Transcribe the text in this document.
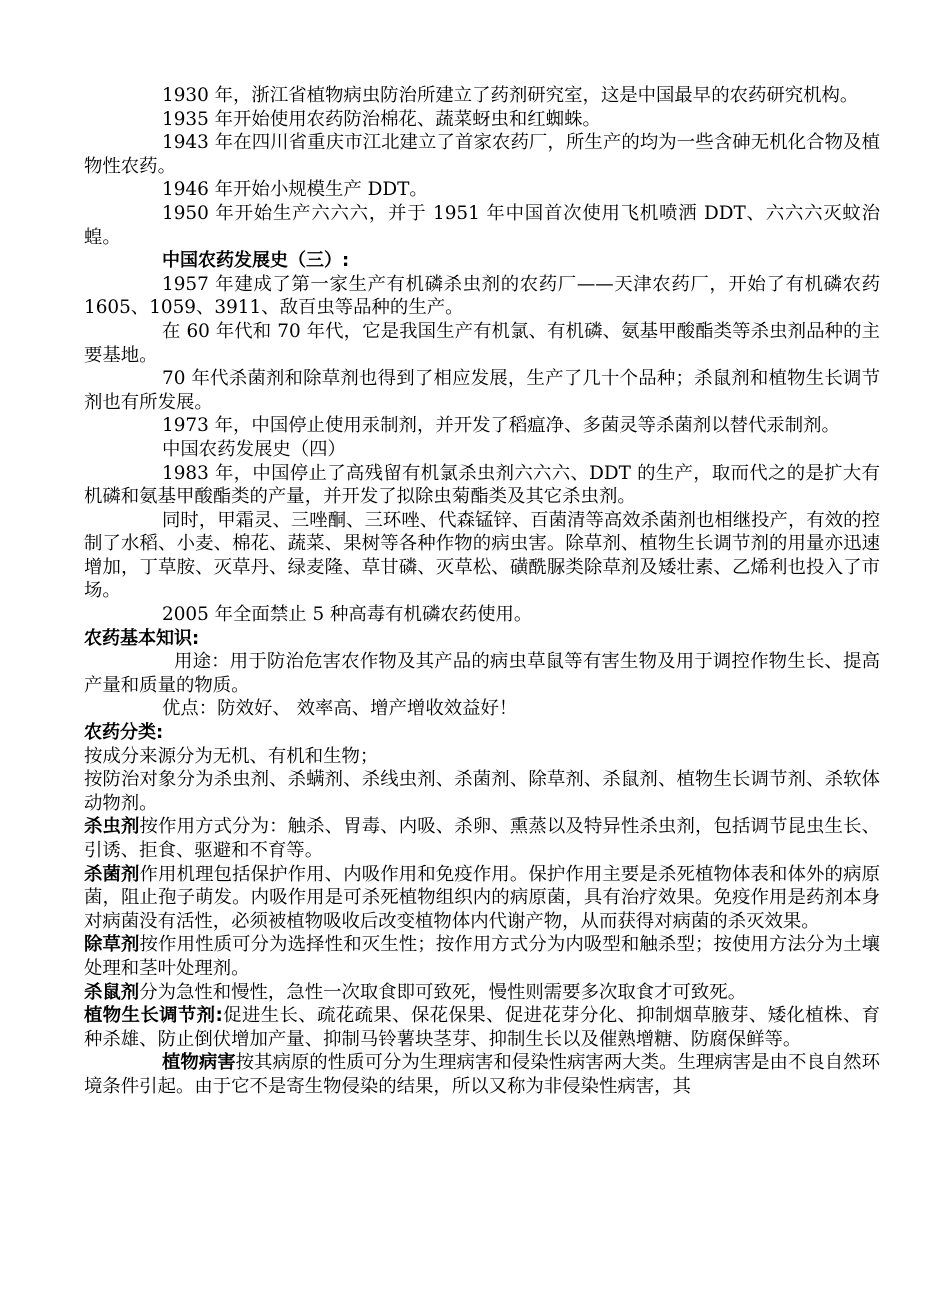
1930 年，浙江省植物病虫防治所建立了药剂研究室，这是中国最早的农药研究机构。

1935 年开始使用农药防治棉花、蔬菜蚜虫和红蜘蛛。

1943 年在四川省重庆市江北建立了首家农药厂，所生产的均为一些含砷无机化合物及植物性农药。

1946 年开始小规模生产 DDT。

1950 年开始生产六六六，并于 1951 年中国首次使用飞机喷洒 DDT、六六六灭蚊治蝗。

中国农药发展史（三）:

1957 年建成了第一家生产有机磷杀虫剂的农药厂——天津农药厂，开始了有机磷农药 1605、1059、3911、敌百虫等品种的生产。

在 60 年代和 70 年代，它是我国生产有机氯、有机磷、氨基甲酸酯类等杀虫剂品种的主要基地。

70 年代杀菌剂和除草剂也得到了相应发展，生产了几十个品种；杀鼠剂和植物生长调节剂也有所发展。

1973 年，中国停止使用汞制剂，并开发了稻瘟净、多菌灵等杀菌剂以替代汞制剂。

中国农药发展史（四）

1983 年，中国停止了高残留有机氯杀虫剂六六六、DDT 的生产，取而代之的是扩大有机磷和氨基甲酸酯类的产量，并开发了拟除虫菊酯类及其它杀虫剂。

同时，甲霜灵、三唑酮、三环唑、代森锰锌、百菌清等高效杀菌剂也相继投产，有效的控制了水稻、小麦、棉花、蔬菜、果树等各种作物的病虫害。除草剂、植物生长调节剂的用量亦迅速增加，丁草胺、灭草丹、绿麦隆、草甘磷、灭草松、磺酰脲类除草剂及矮壮素、乙烯利也投入了市场。

2005 年全面禁止 5 种高毒有机磷农药使用。

农药基本知识:

用途：用于防治危害农作物及其产品的病虫草鼠等有害生物及用于调控作物生长、提高产量和质量的物质。

优点：防效好、 效率高、增产增收效益好！

农药分类:

按成分来源分为无机、有机和生物；

按防治对象分为杀虫剂、杀螨剂、杀线虫剂、杀菌剂、除草剂、杀鼠剂、植物生长调节剂、杀软体动物剂。

杀虫剂按作用方式分为：触杀、胃毒、内吸、杀卵、熏蒸以及特异性杀虫剂，包括调节昆虫生长、引诱、拒食、驱避和不育等。

杀菌剂作用机理包括保护作用、内吸作用和免疫作用。保护作用主要是杀死植物体表和体外的病原菌，阻止孢子萌发。内吸作用是可杀死植物组织内的病原菌，具有治疗效果。免疫作用是药剂本身对病菌没有活性，必须被植物吸收后改变植物体内代谢产物，从而获得对病菌的杀灭效果。

除草剂按作用性质可分为选择性和灭生性；按作用方式分为内吸型和触杀型；按使用方法分为土壤处理和茎叶处理剂。

杀鼠剂分为急性和慢性，急性一次取食即可致死，慢性则需要多次取食才可致死。

植物生长调节剂:促进生长、疏花疏果、保花保果、促进花芽分化、抑制烟草腋芽、矮化植株、育种杀雄、防止倒伏增加产量、抑制马铃薯块茎芽、抑制生长以及催熟增糖、防腐保鲜等。

植物病害按其病原的性质可分为生理病害和侵染性病害两大类。生理病害是由不良自然环境条件引起。由于它不是寄生物侵染的结果，所以又称为非侵染性病害，其
